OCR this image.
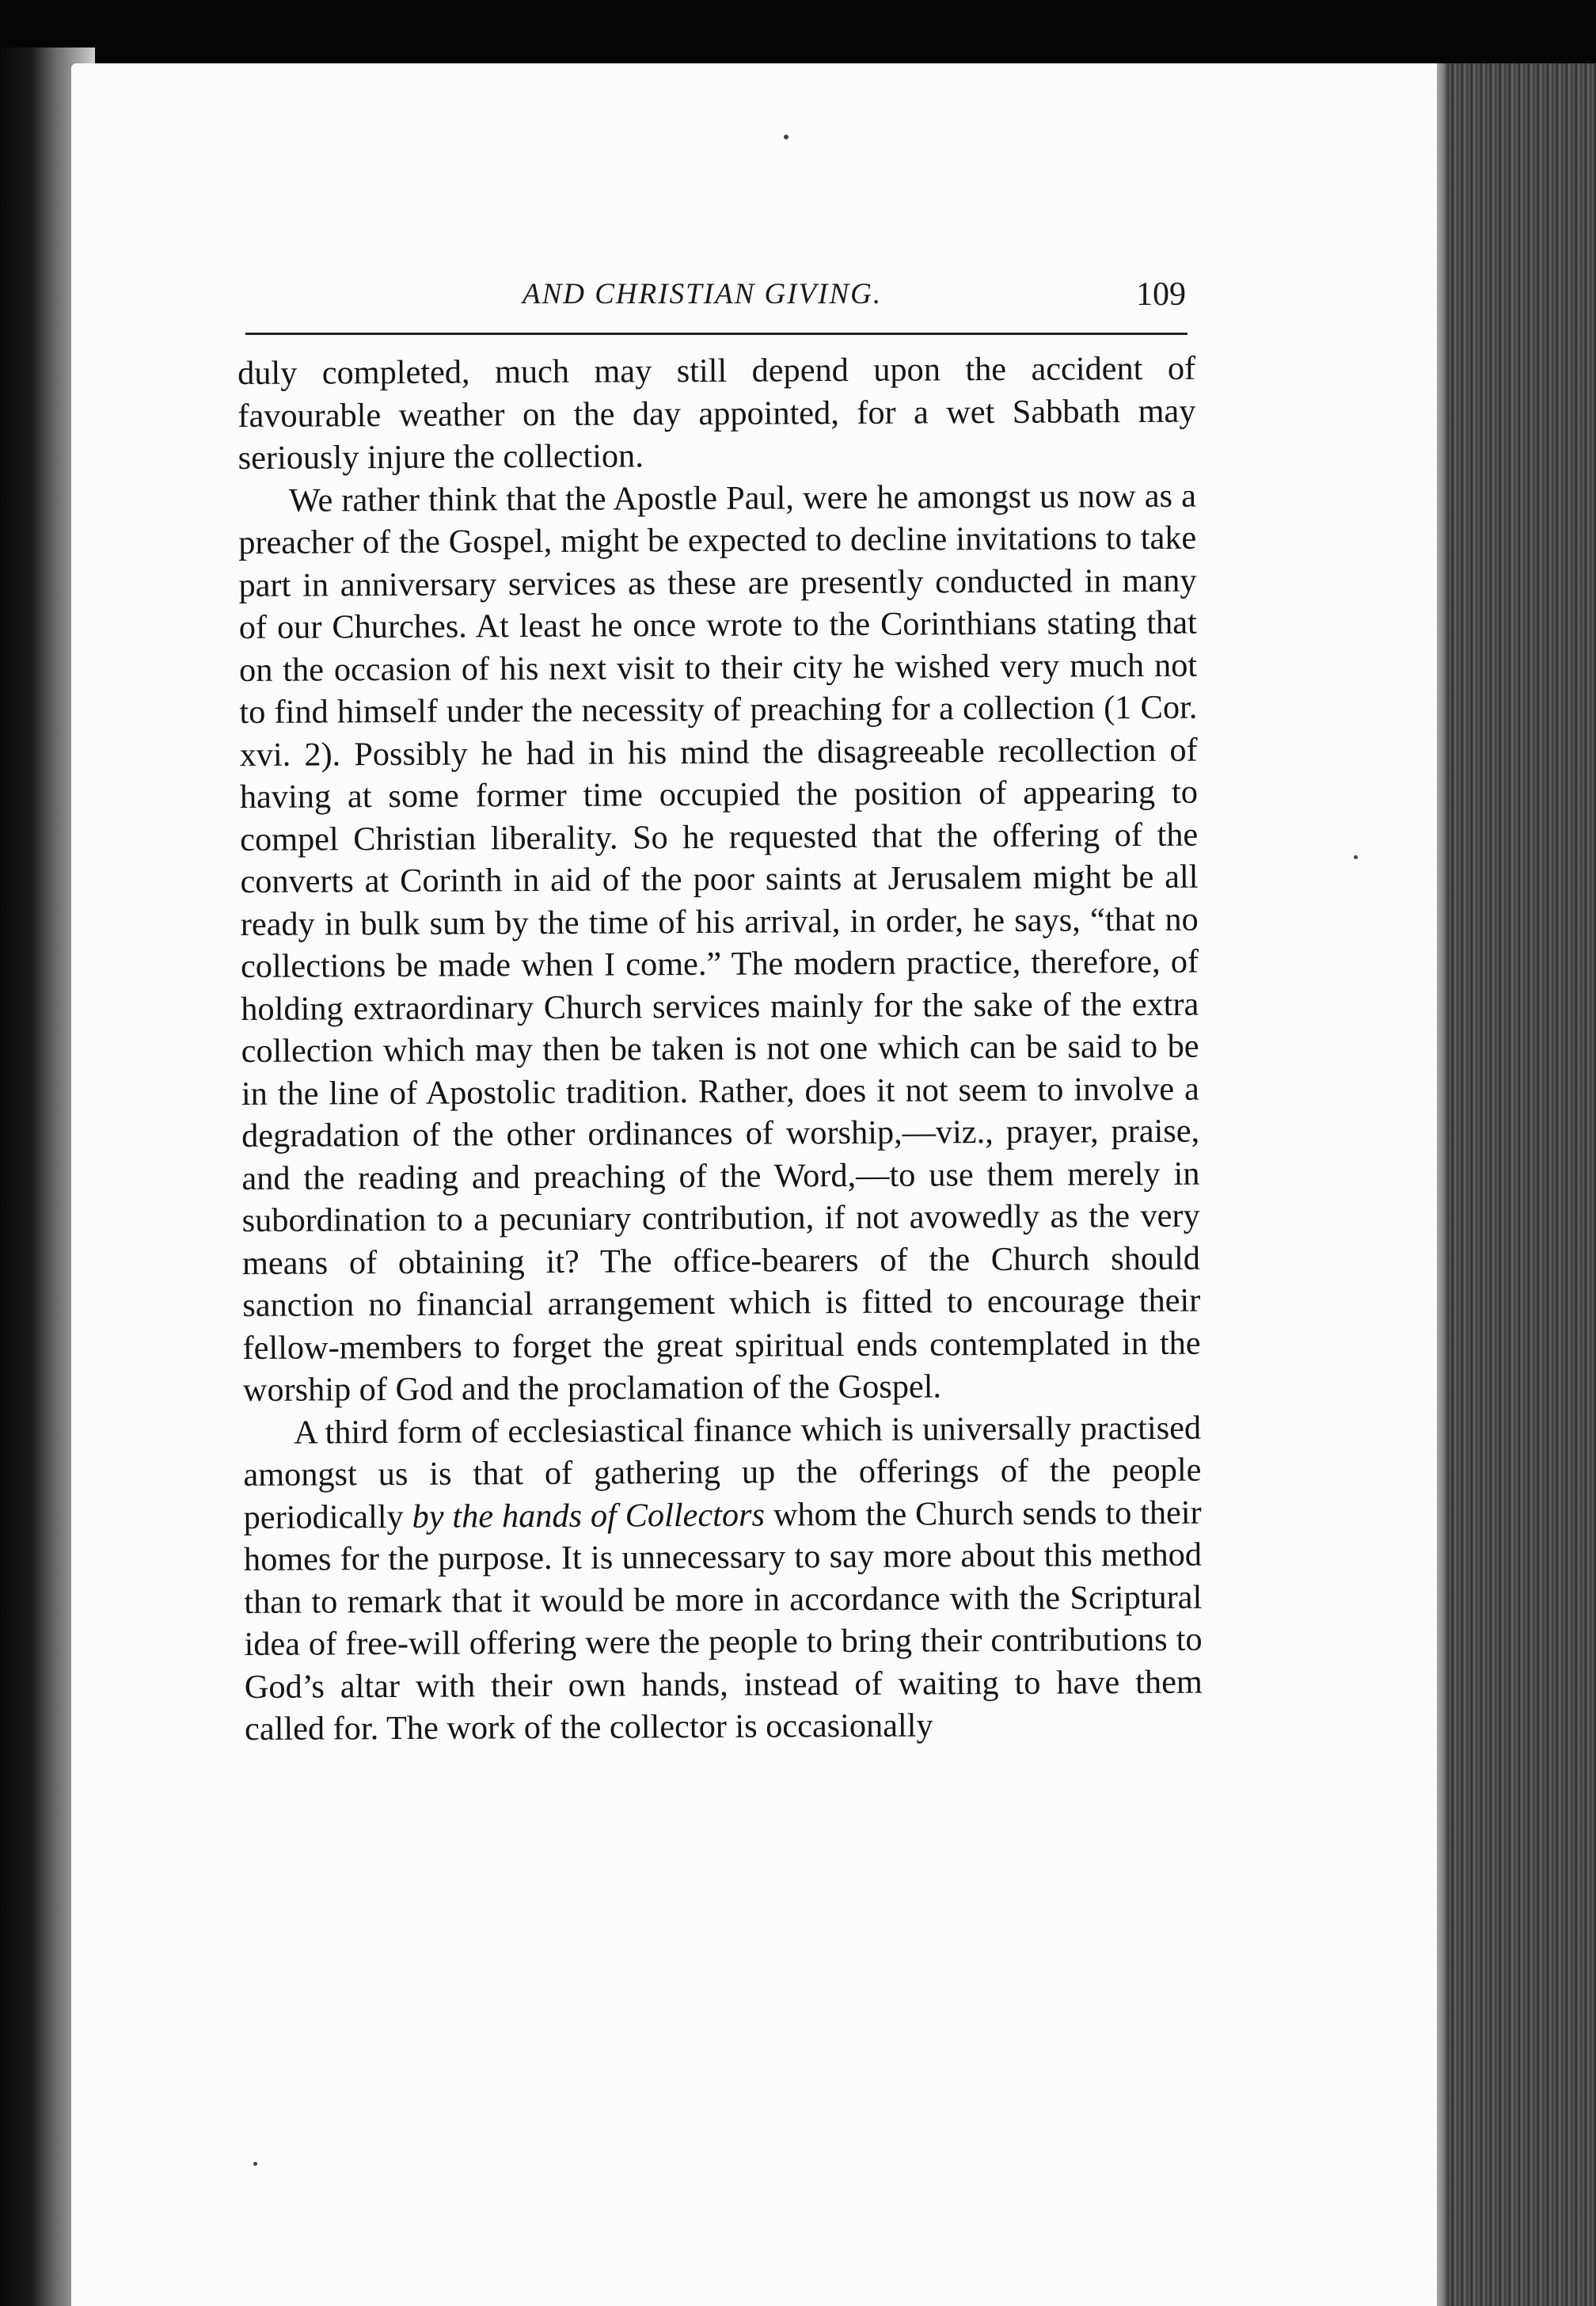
AND CHRISTIAN GIVING.	109

duly completed, much may still depend upon the accident of favourable weather on the day appointed, for a wet Sabbath may seriously injure the collection.

We rather think that the Apostle Paul, were he amongst us now as a preacher of the Gospel, might be expected to decline invitations to take part in anniversary services as these are presently conducted in many of our Churches. At least he once wrote to the Corinthians stating that on the occasion of his next visit to their city he wished very much not to find himself under the necessity of preaching for a collection (1 Cor. xvi. 2). Possibly he had in his mind the disagreeable recollection of having at some former time occupied the position of appearing to compel Christian liberality. So he requested that the offering of the converts at Corinth in aid of the poor saints at Jerusalem might be all ready in bulk sum by the time of his arrival, in order, he says, “that no collections be made when I come.” The modern practice, therefore, of holding extraordinary Church services mainly for the sake of the extra collection which may then be taken is not one which can be said to be in the line of Apostolic tradition. Rather, does it not seem to involve a degradation of the other ordinances of worship,—viz., prayer, praise, and the reading and preaching of the Word,—to use them merely in subordination to a pecuniary contribution, if not avowedly as the very means of obtaining it? The office-bearers of the Church should sanction no financial arrangement which is fitted to encourage their fellow-members to forget the great spiritual ends contemplated in the worship of God and the proclamation of the Gospel.

A third form of ecclesiastical finance which is universally practised amongst us is that of gathering up the offerings of the people periodically by the hands of Collectors whom the Church sends to their homes for the purpose. It is unnecessary to say more about this method than to remark that it would be more in accordance with the Scriptural idea of free-will offering were the people to bring their contributions to God’s altar with their own hands, instead of waiting to have them called for. The work of the collector is occasionally
